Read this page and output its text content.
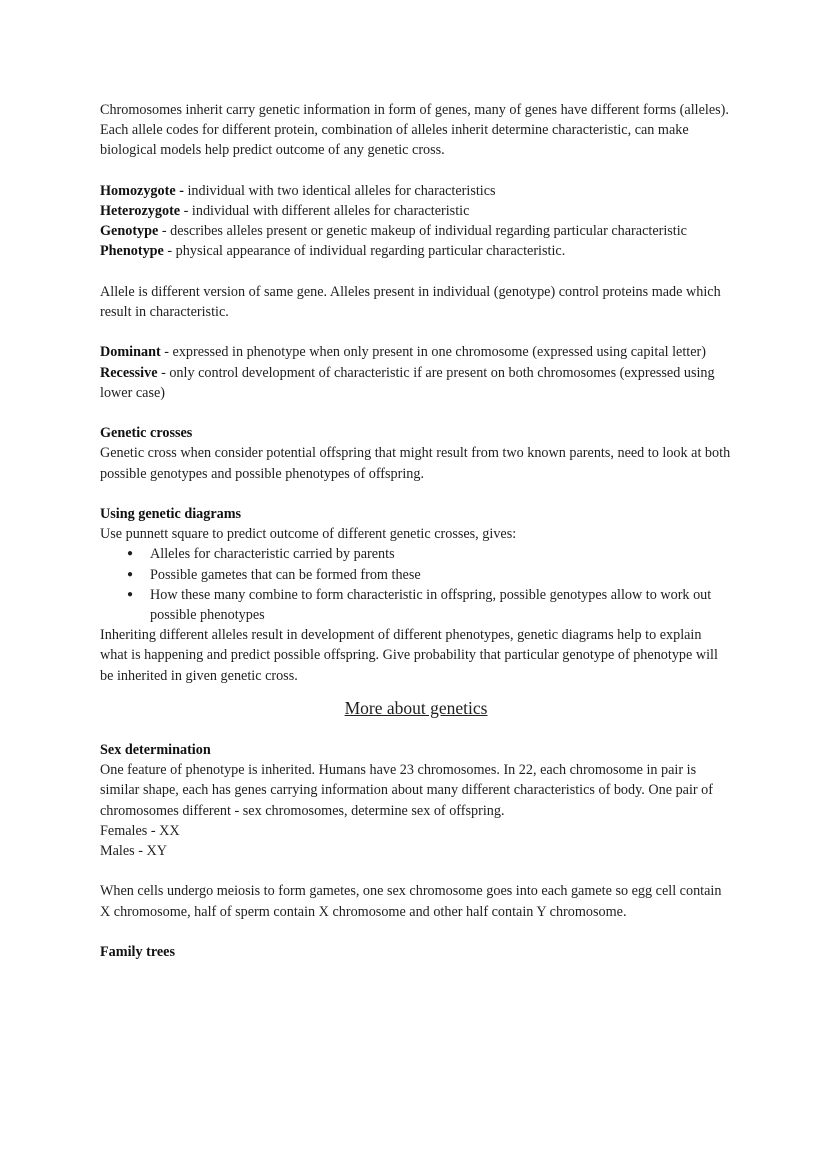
Chromosomes inherit carry genetic information in form of genes, many of genes have different forms (alleles). Each allele codes for different protein, combination of alleles inherit determine characteristic, can make biological models help predict outcome of any genetic cross.

Homozygote - individual with two identical alleles for characteristics

Heterozygote - individual with different alleles for characteristic

Genotype - describes alleles present or genetic makeup of individual regarding particular characteristic

Phenotype - physical appearance of individual regarding particular characteristic.

Allele is different version of same gene. Alleles present in individual (genotype) control proteins made which result in characteristic.

Dominant - expressed in phenotype when only present in one chromosome (expressed using capital letter)

Recessive - only control development of characteristic if are present on both chromosomes (expressed using lower case)

Genetic crosses

Genetic cross when consider potential offspring that might result from two known parents, need to look at both possible genotypes and possible phenotypes of offspring.

Using genetic diagrams

Use punnett square to predict outcome of different genetic crosses, gives:

● Alleles for characteristic carried by parents
● Possible gametes that can be formed from these
● How these many combine to form characteristic in offspring, possible genotypes allow to work out possible phenotypes

Inheriting different alleles result in development of different phenotypes, genetic diagrams help to explain what is happening and predict possible offspring. Give probability that particular genotype of phenotype will be inherited in given genetic cross.

More about genetics

Sex determination

One feature of phenotype is inherited. Humans have 23 chromosomes. In 22, each chromosome in pair is similar shape, each has genes carrying information about many different characteristics of body. One pair of chromosomes different - sex chromosomes, determine sex of offspring.

Females - XX

Males - XY

When cells undergo meiosis to form gametes, one sex chromosome goes into each gamete so egg cell contain X chromosome, half of sperm contain X chromosome and other half contain Y chromosome.

Family trees
